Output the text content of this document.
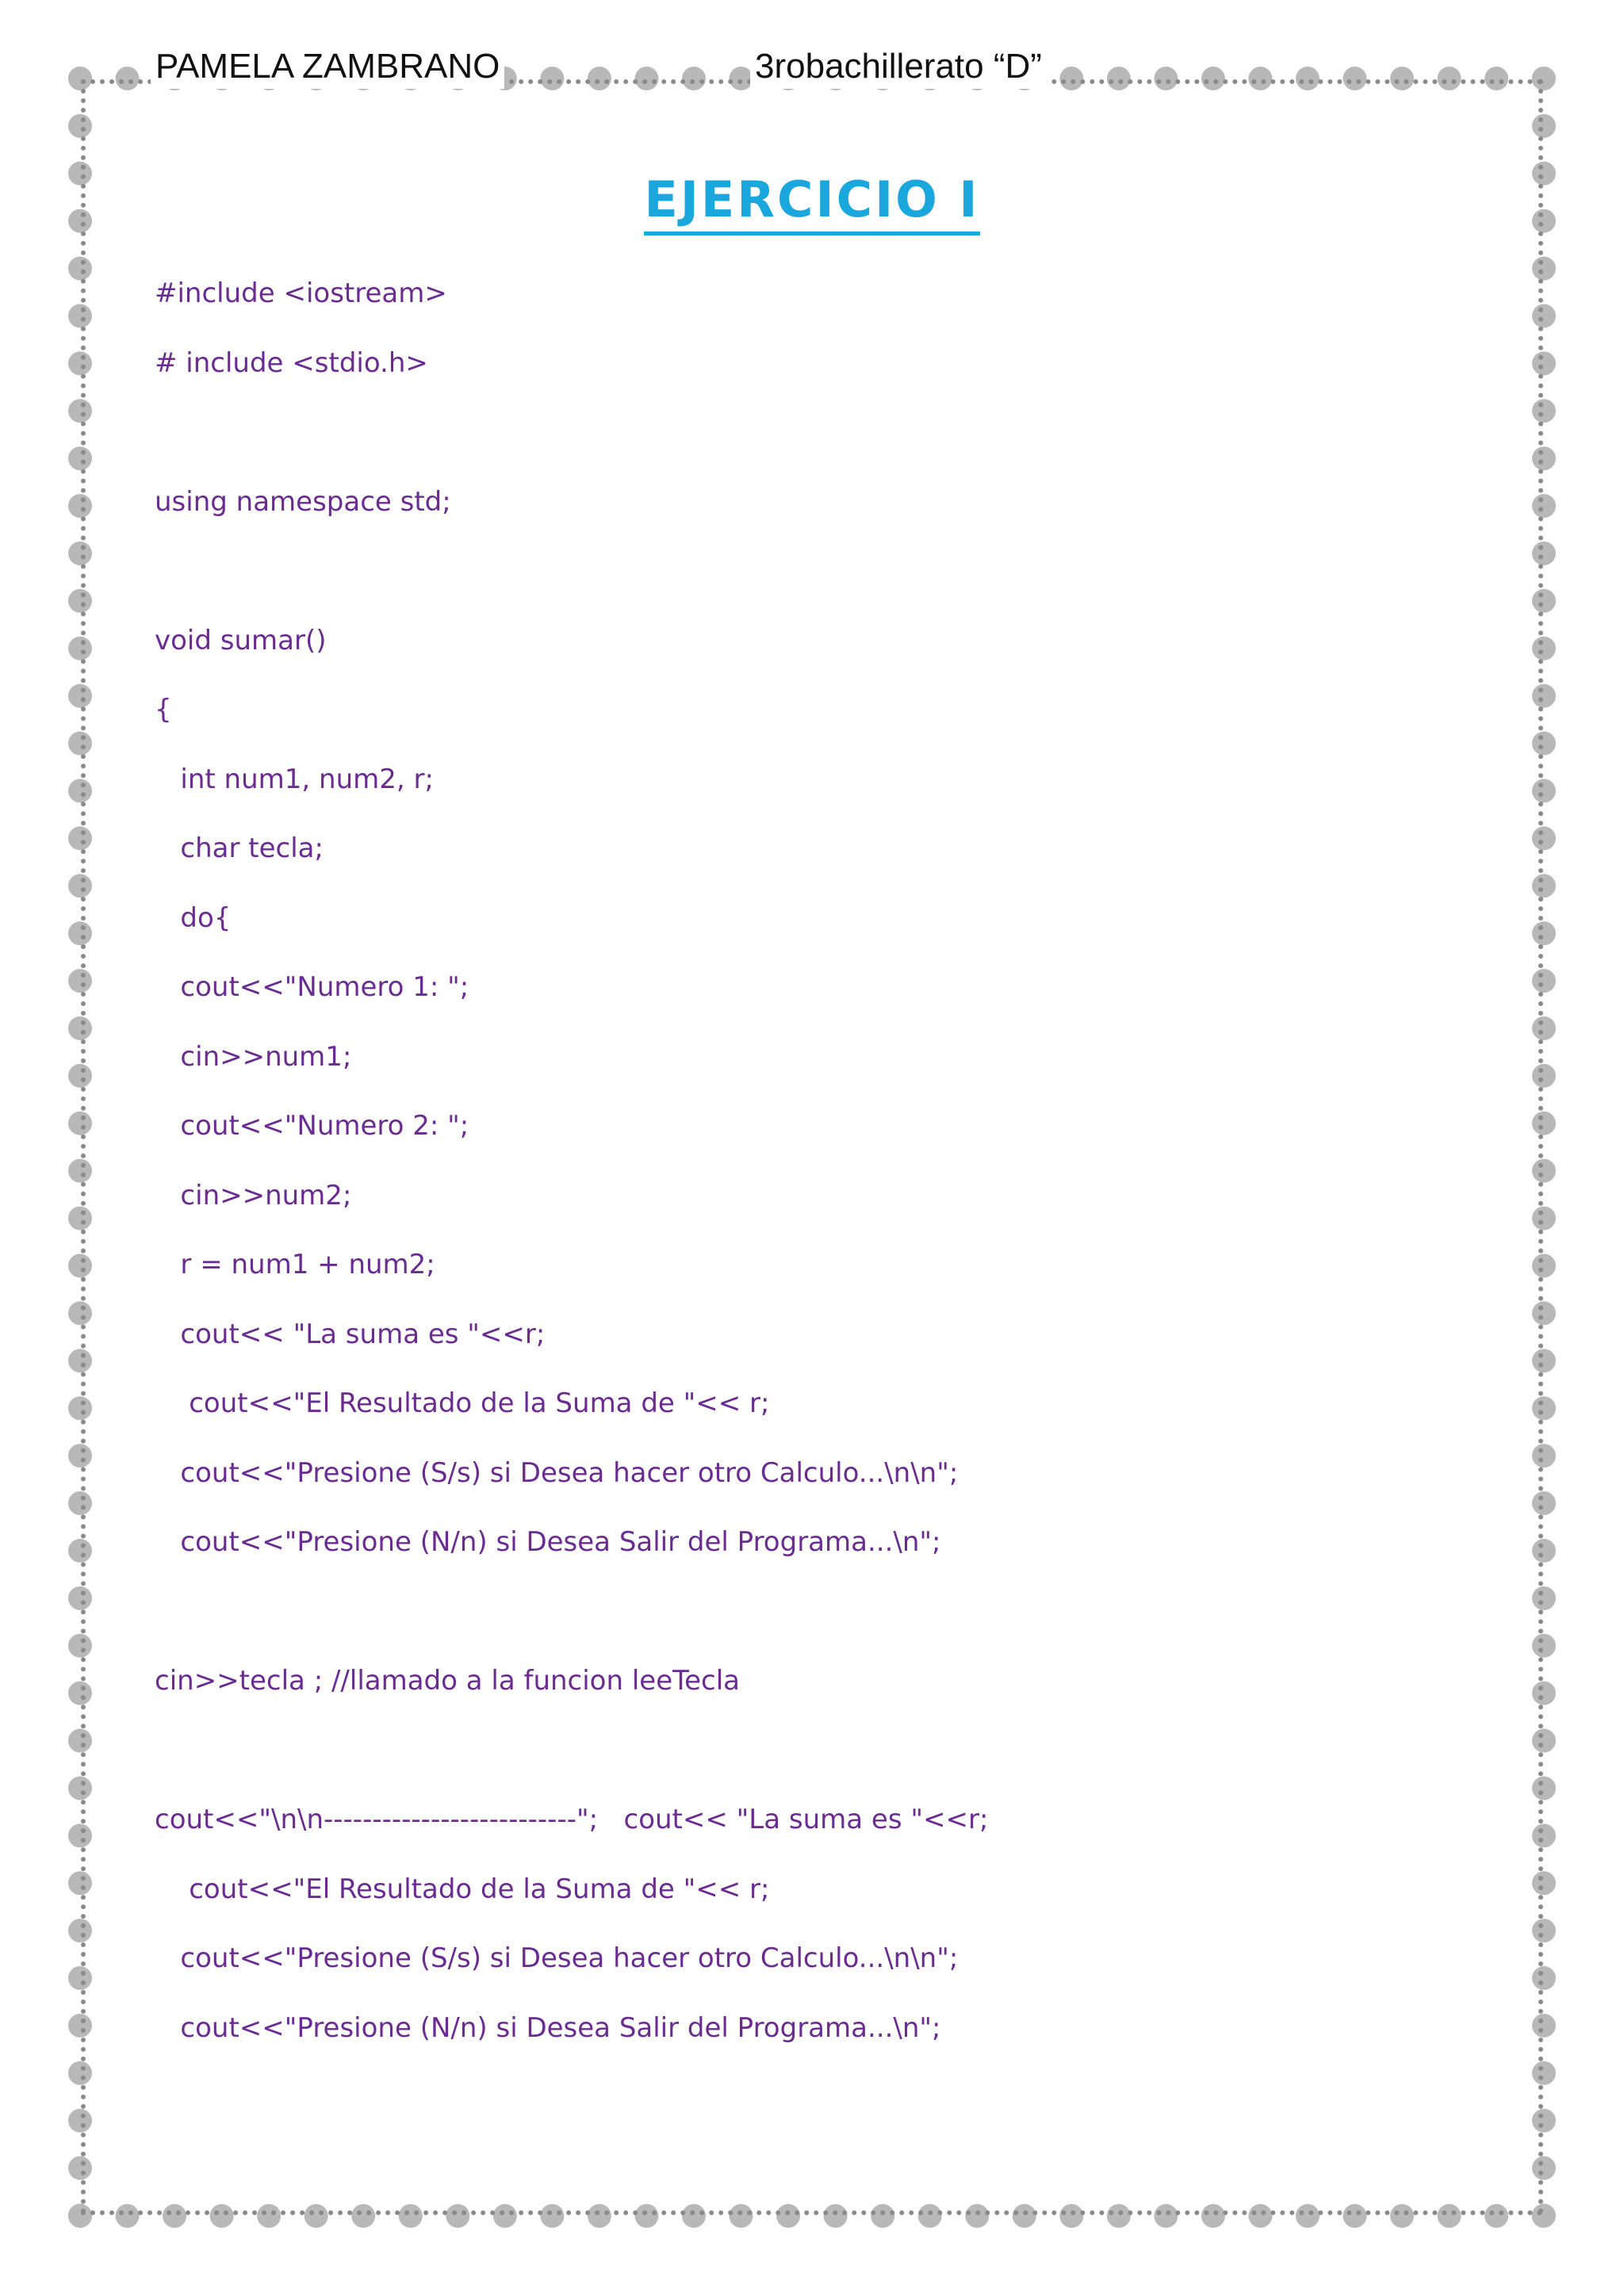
PAMELA ZAMBRANO	3robachillerato “D”
EJERCICIO I
#include <iostream>
# include <stdio.h>
using namespace std;
void sumar()
{
int num1, num2, r;
char tecla;
do{
cout<<"Numero 1: ";
cin>>num1;
cout<<"Numero 2: ";
cin>>num2;
r = num1 + num2;
cout<< "La suma es "<<r;
cout<<"El Resultado de la Suma de "<< r;
cout<<"Presione (S/s) si Desea hacer otro Calculo...\n\n";
cout<<"Presione (N/n) si Desea Salir del Programa...\n";
cin>>tecla ; //llamado a la funcion leeTecla
cout<<"\n\n--------------------------";   cout<< "La suma es "<<r;
cout<<"El Resultado de la Suma de "<< r;
cout<<"Presione (S/s) si Desea hacer otro Calculo...\n\n";
cout<<"Presione (N/n) si Desea Salir del Programa...\n";
